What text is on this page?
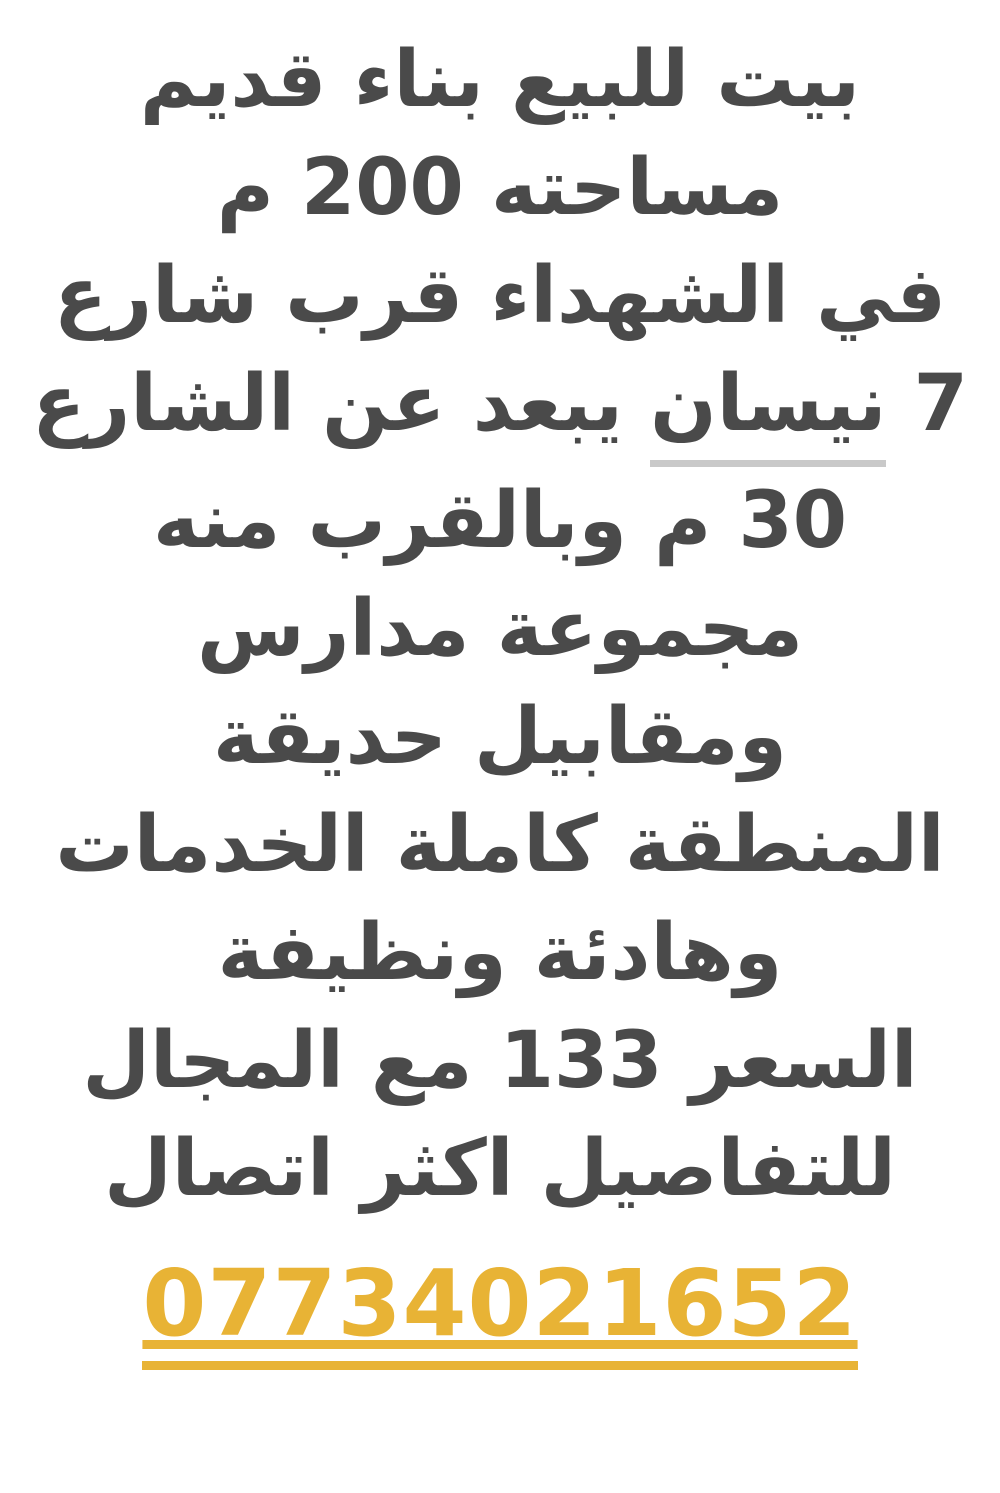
بيت للبيع بناء قديم
مساحته 200 م
في الشهداء قرب شارع
7 نيسان يبعد عن الشارع
30 م وبالقرب منه
مجموعة مدارس
ومقابيل حديقة
المنطقة كاملة الخدمات
وهادئة ونظيفة
السعر 133 مع المجال
للتفاصيل اكثر اتصال
07734021652
